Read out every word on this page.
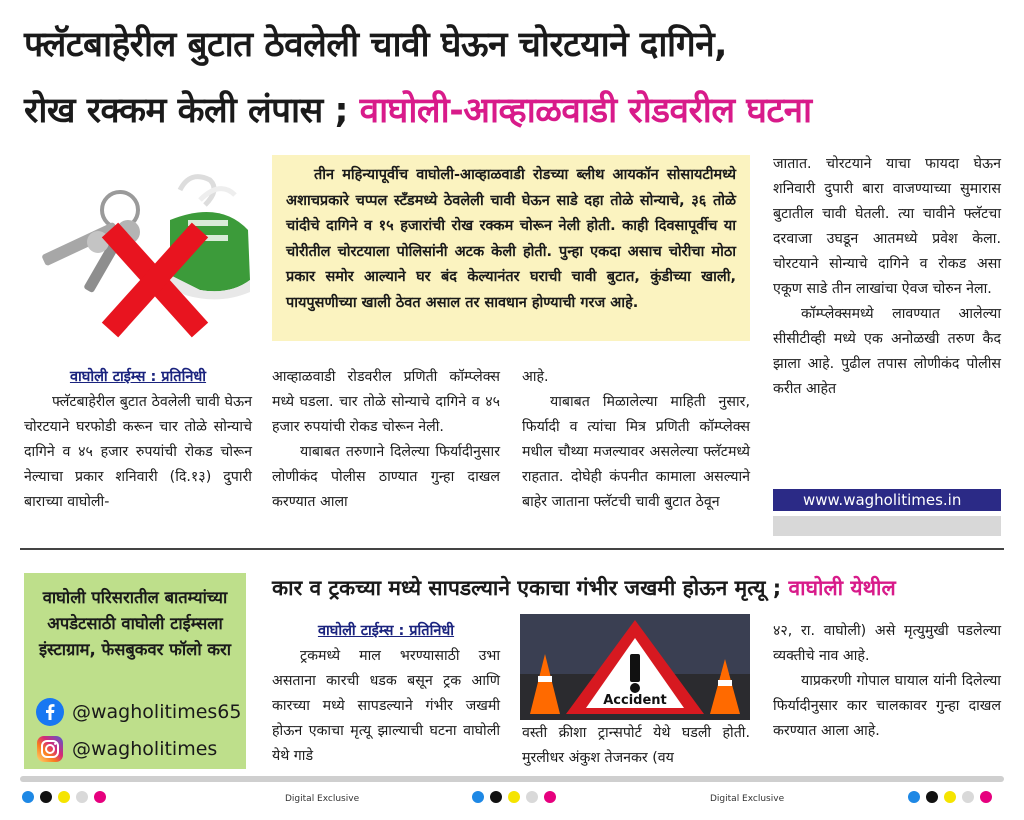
फ्लॅटबाहेरील बुटात ठेवलेली चावी घेऊन चोरटयाने दागिने,
रोख रक्कम केली लंपास ; वाघोली-आव्हाळवाडी रोडवरील घटना
तीन महिन्यापूर्वीच वाघोली-आव्हाळवाडी रोडच्या ब्लीथ आयकॉन सोसायटीमध्ये अशाचप्रकारे चप्पल स्टॅंडमध्ये ठेवलेली चावी घेऊन साडे दहा तोळे सोन्याचे, ३६ तोळे चांदीचे दागिने व १५ हजारांची रोख रक्कम चोरून नेली होती. काही दिवसापूर्वीच या चोरीतील चोरटयाला पोलिसांनी अटक केली होती. पुन्हा एकदा असाच चोरीचा मोठा प्रकार समोर आल्याने घर बंद केल्यानंतर घराची चावी बुटात, कुंडीच्या खाली, पायपुसणीच्या खाली ठेवत असाल तर सावधान होण्याची गरज आहे.
वाघोली टाईम्स : प्रतिनिधी

फ्लॅटबाहेरील बुटात ठेवलेली चावी घेऊन चोरटयाने घरफोडी करून चार तोळे सोन्याचे दागिने व ४५ हजार रुपयांची रोकड चोरून नेल्याचा प्रकार शनिवारी (दि.१३) दुपारी बाराच्या वाघोली-

आव्हाळवाडी रोडवरील प्रणिती कॉम्प्लेक्स मध्ये घडला. चार तोळे सोन्याचे दागिने व ४५ हजार रुपयांची रोकड चोरून नेली.

याबाबत तरुणाने दिलेल्या फिर्यादीनुसार लोणीकंद पोलीस ठाण्यात गुन्हा दाखल करण्यात आला

आहे.

याबाबत मिळालेल्या माहिती नुसार, फिर्यादी व त्यांचा मित्र प्रणिती कॉम्प्लेक्स मधील चौथ्या मजल्यावर असलेल्या फ्लॅटमध्ये राहतात. दोघेही कंपनीत कामाला असल्याने बाहेर जाताना फ्लॅटची चावी बुटात ठेवून

जातात. चोरटयाने याचा फायदा घेऊन शनिवारी दुपारी बारा वाजण्याच्या सुमारास बुटातील चावी घेतली. त्या चावीने फ्लॅटचा दरवाजा उघडून आतमध्ये प्रवेश केला. चोरटयाने सोन्याचे दागिने व रोकड असा एकूण साडे तीन लाखांचा ऐवज चोरुन नेला.

कॉम्प्लेक्समध्ये लावण्यात आलेल्या सीसीटीव्ही मध्ये एक अनोळखी तरुण कैद झाला आहे. पुढील तपास लोणीकंद पोलीस करीत आहेत

www.wagholitimes.in
वाघोली परिसरातील बातम्यांच्या अपडेटसाठी वाघोली टाईम्सला इंस्टाग्राम, फेसबुकवर फॉलो करा
@wagholitimes65
@wagholitimes
कार व ट्रकच्या मध्ये सापडल्याने एकाचा गंभीर जखमी होऊन मृत्यू ; वाघोली येथील
वाघोली टाईम्स : प्रतिनिधी

ट्रकमध्ये माल भरण्यासाठी उभा असताना कारची धडक बसून ट्रक आणि कारच्या मध्ये सापडल्याने गंभीर जखमी होऊन एकाचा मृत्यू झाल्याची घटना वाघोली येथे गाडे

Accident

वस्ती क्रीशा ट्रान्सपोर्ट येथे घडली होती. मुरलीधर अंकुश तेजनकर (वय

४२, रा. वाघोली) असे मृत्युमुखी पडलेल्या व्यक्तीचे नाव आहे.

याप्रकरणी गोपाल घायाल यांनी दिलेल्या फिर्यादीनुसार कार चालकावर गुन्हा दाखल करण्यात आला आहे.

Digital Exclusive	Digital Exclusive
